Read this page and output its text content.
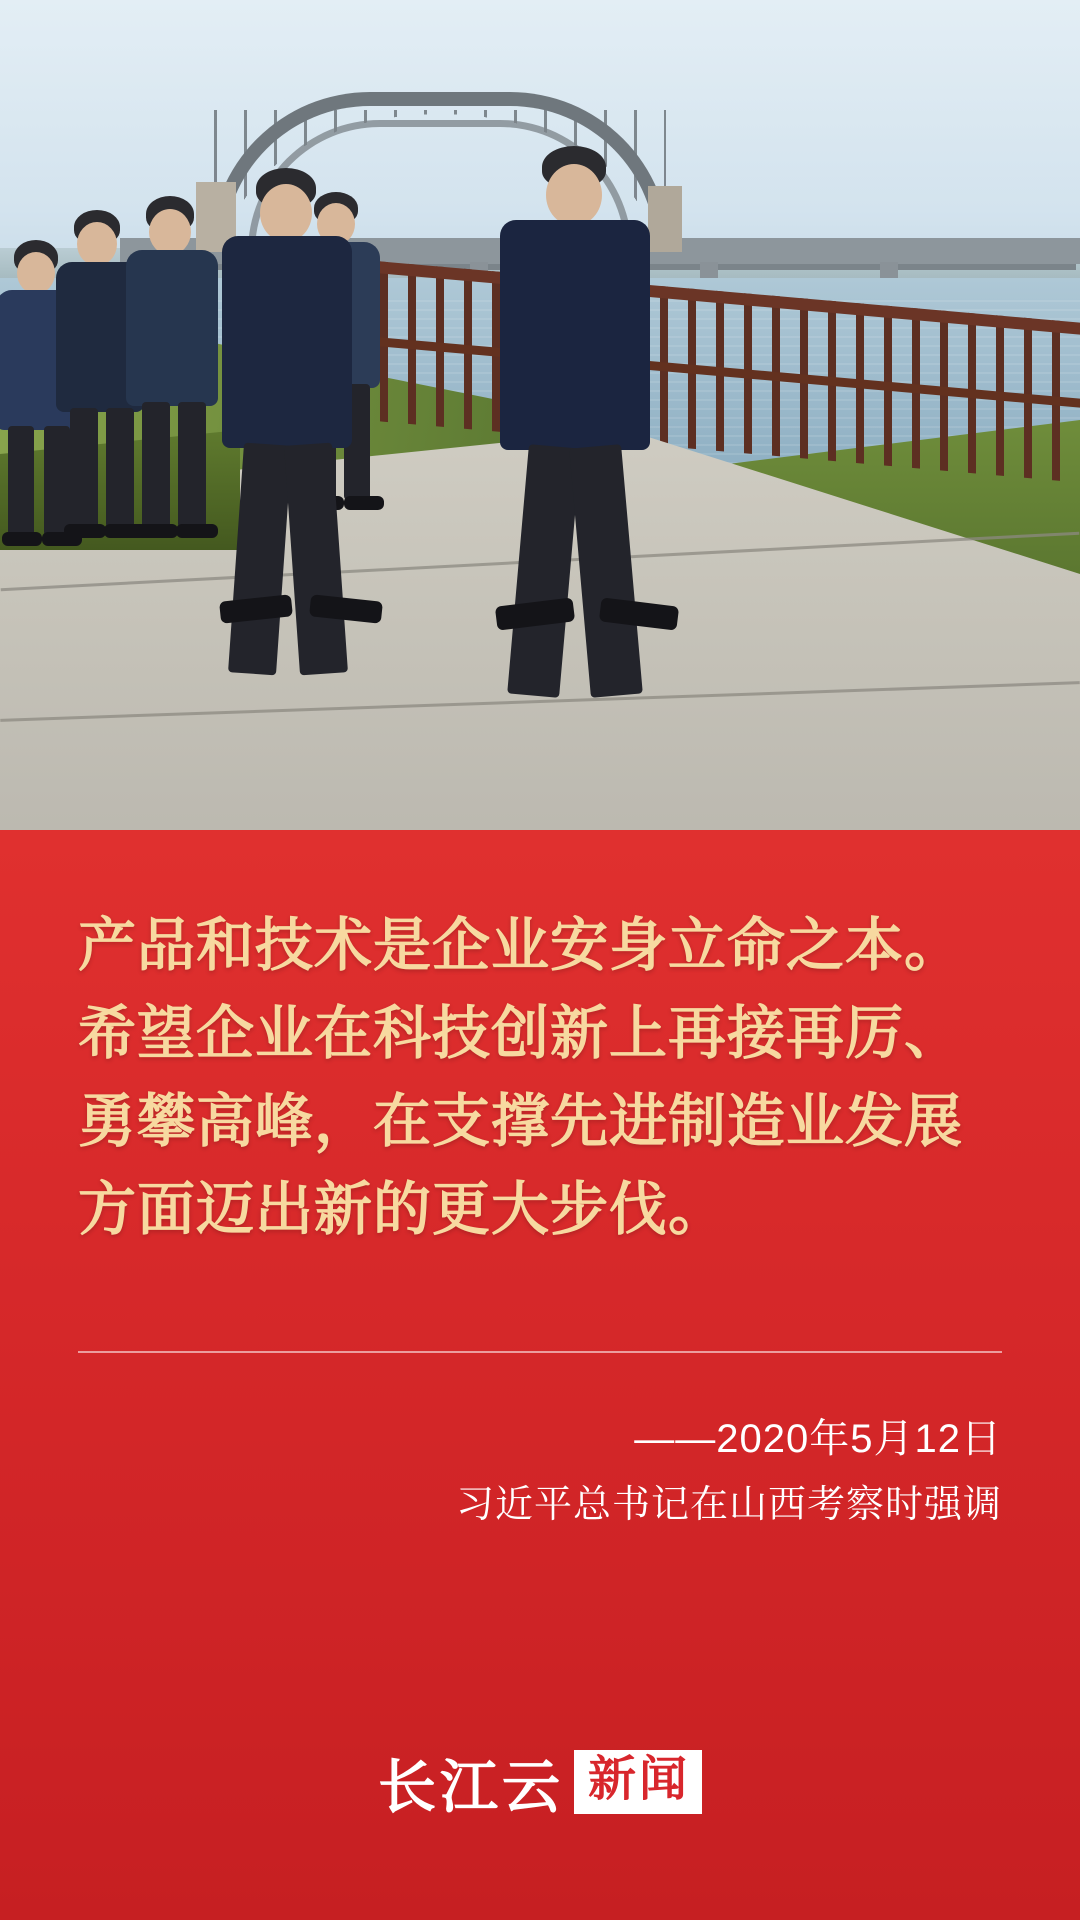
产品和技术是企业安身立命之本。希望企业在科技创新上再接再厉、勇攀高峰，在支撑先进制造业发展方面迈出新的更大步伐。
——2020年5月12日
习近平总书记在山西考察时强调
长江云 新闻
